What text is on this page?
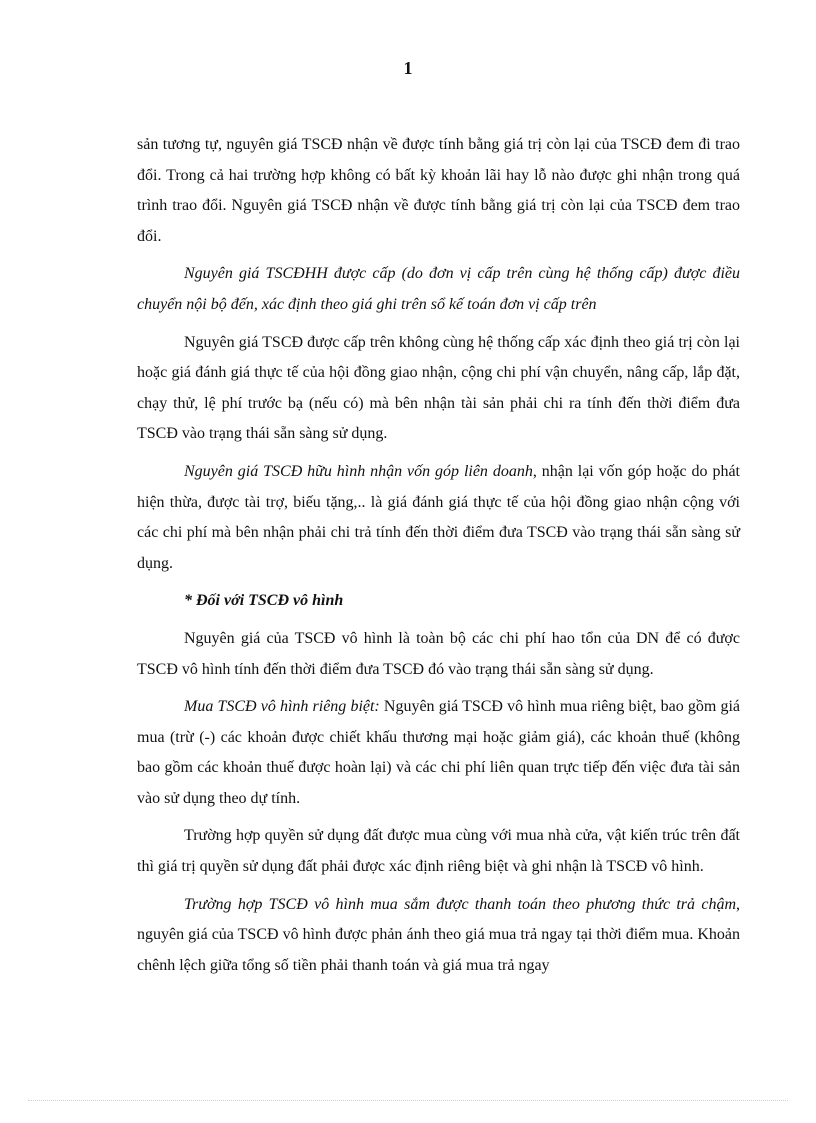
1

sản tương tự, nguyên giá TSCĐ nhận về được tính bằng giá trị còn lại của TSCĐ đem đi trao đổi. Trong cả hai trường hợp không có bất kỳ khoản lãi hay lỗ nào được ghi nhận trong quá trình trao đổi. Nguyên giá TSCĐ nhận về được tính bằng giá trị còn lại của TSCĐ đem trao đổi.

Nguyên giá TSCĐHH được cấp (do đơn vị cấp trên cùng hệ thống cấp) được điều chuyển nội bộ đến, xác định theo giá ghi trên sổ kế toán đơn vị cấp trên

Nguyên giá TSCĐ được cấp trên không cùng hệ thống cấp xác định theo giá trị còn lại hoặc giá đánh giá thực tế của hội đồng giao nhận, cộng chi phí vận chuyển, nâng cấp, lắp đặt, chạy thử, lệ phí trước bạ (nếu có) mà bên nhận tài sản phải chi ra tính đến thời điểm đưa TSCĐ vào trạng thái sẵn sàng sử dụng.

Nguyên giá TSCĐ hữu hình nhận vốn góp liên doanh, nhận lại vốn góp hoặc do phát hiện thừa, được tài trợ, biếu tặng,.. là giá đánh giá thực tế của hội đồng giao nhận cộng với các chi phí mà bên nhận phải chi trả tính đến thời điểm đưa TSCĐ vào trạng thái sẵn sàng sử dụng.

* Đối với TSCĐ vô hình

Nguyên giá của TSCĐ vô hình là toàn bộ các chi phí hao tổn của DN để có được TSCĐ vô hình tính đến thời điểm đưa TSCĐ đó vào trạng thái sẵn sàng sử dụng.

Mua TSCĐ vô hình riêng biệt: Nguyên giá TSCĐ vô hình mua riêng biệt, bao gồm giá mua (trừ (-) các khoản được chiết khấu thương mại hoặc giảm giá), các khoản thuế (không bao gồm các khoản thuế được hoàn lại) và các chi phí liên quan trực tiếp đến việc đưa tài sản vào sử dụng theo dự tính.

Trường hợp quyền sử dụng đất được mua cùng với mua nhà cửa, vật kiến trúc trên đất thì giá trị quyền sử dụng đất phải được xác định riêng biệt và ghi nhận là TSCĐ vô hình.

Trường hợp TSCĐ vô hình mua sắm được thanh toán theo phương thức trả chậm, nguyên giá của TSCĐ vô hình được phản ánh theo giá mua trả ngay tại thời điểm mua. Khoản chênh lệch giữa tổng số tiền phải thanh toán và giá mua trả ngay
